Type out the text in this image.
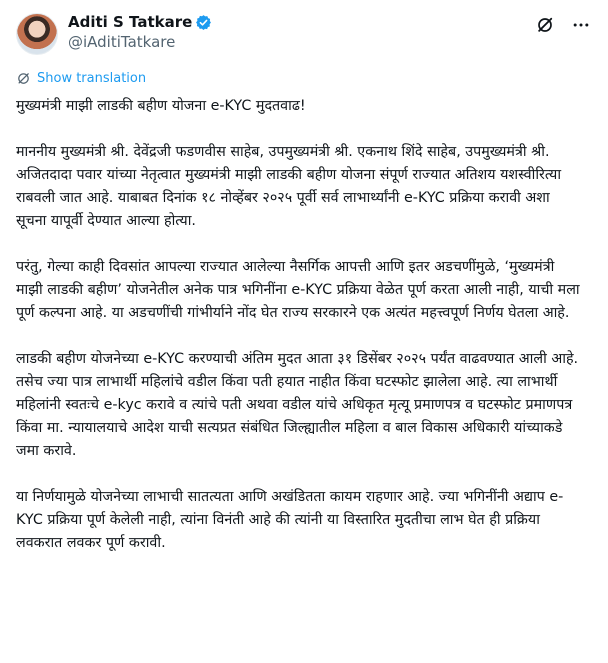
Aditi S Tatkare
@iAditiTatkare
Show translation

मुख्यमंत्री माझी लाडकी बहीण योजना e-KYC मुदतवाढ!

माननीय मुख्यमंत्री श्री. देवेंद्रजी फडणवीस साहेब, उपमुख्यमंत्री श्री. एकनाथ शिंदे साहेब, उपमुख्यमंत्री श्री. अजितदादा पवार यांच्या नेतृत्वात मुख्यमंत्री माझी लाडकी बहीण योजना संपूर्ण राज्यात अतिशय यशस्वीरित्या राबवली जात आहे. याबाबत दिनांक १८ नोव्हेंबर २०२५ पूर्वी सर्व लाभार्थ्यांनी e-KYC प्रक्रिया करावी अशा सूचना यापूर्वी देण्यात आल्या होत्या.

परंतु, गेल्या काही दिवसांत आपल्या राज्यात आलेल्या नैसर्गिक आपत्ती आणि इतर अडचणींमुळे, ‘मुख्यमंत्री माझी लाडकी बहीण’ योजनेतील अनेक पात्र भगिनींना e-KYC प्रक्रिया वेळेत पूर्ण करता आली नाही, याची मला पूर्ण कल्पना आहे. या अडचणींची गांभीर्याने नोंद घेत राज्य सरकारने एक अत्यंत महत्त्वपूर्ण निर्णय घेतला आहे.

लाडकी बहीण योजनेच्या e-KYC करण्याची अंतिम मुदत आता ३१ डिसेंबर २०२५ पर्यंत वाढवण्यात आली आहे. तसेच ज्या पात्र लाभार्थी महिलांचे वडील किंवा पती हयात नाहीत किंवा घटस्फोट झालेला आहे. त्या लाभार्थी महिलांनी स्वतःचे e-kyc करावे व त्यांचे पती अथवा वडील यांचे अधिकृत मृत्यू प्रमाणपत्र व घटस्फोट प्रमाणपत्र किंवा मा. न्यायालयाचे आदेश याची सत्यप्रत संबंधित जिल्ह्यातील महिला व बाल विकास अधिकारी यांच्याकडे जमा करावे.

या निर्णयामुळे योजनेच्या लाभाची सातत्यता आणि अखंडितता कायम राहणार आहे. ज्या भगिनींनी अद्याप e-KYC प्रक्रिया पूर्ण केलेली नाही, त्यांना विनंती आहे की त्यांनी या विस्तारित मुदतीचा लाभ घेत ही प्रक्रिया लवकरात लवकर पूर्ण करावी.
